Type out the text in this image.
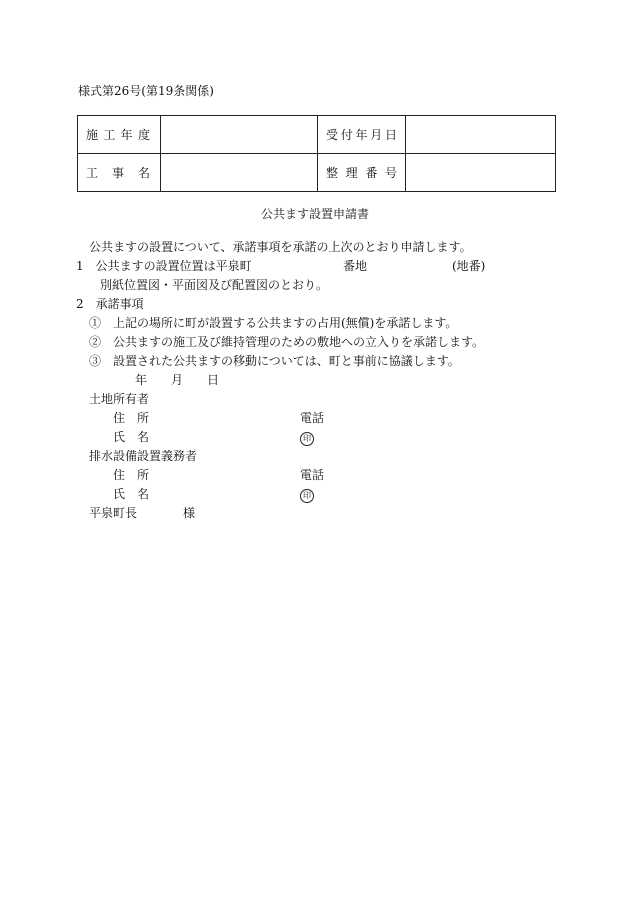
様式第26号(第19条関係)
施 工 年 度		受 付 年 月 日	

工 事 名		整 理 番 号	

公共ます設置申請書
公共ますの設置について、承諾事項を承諾の上次のとおり申請します。
1　公共ますの設置位置は平泉町	番地	(地番)
別紙位置図・平面図及び配置図のとおり。
2　承諾事項
①　上記の場所に町が設置する公共ますの占用(無償)を承諾します。
②　公共ますの施工及び維持管理のための敷地への立入りを承諾します。
③　設置された公共ますの移動については、町と事前に協議します。
年　　月　　日
土地所有者
住　所	電話
氏　名	印
排水設備設置義務者
住　所	電話
氏　名	印
平泉町長	様
